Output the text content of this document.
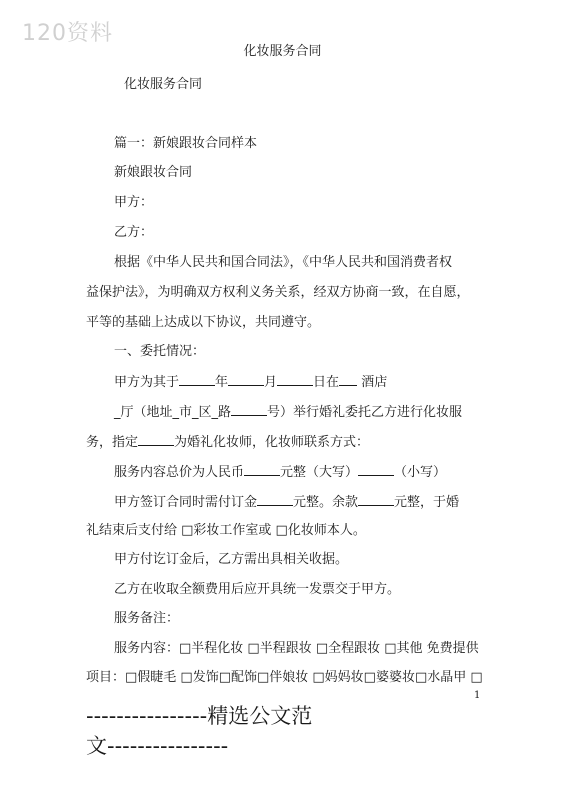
120资料
化妆服务合同
化妆服务合同
篇一：新娘跟妆合同样本
新娘跟妆合同
甲方：
乙方：
根据《中华人民共和国合同法》，《中华人民共和国消费者权
益保护法》，为明确双方权利义务关系，经双方协商一致，在自愿，
平等的基础上达成以下协议，共同遵守。
一、委托情况：
甲方为其于	年	月	日在 酒店
_厅（地址_市_区_路	号）举行婚礼委托乙方进行化妆服
务，指定	为婚礼化妆师，化妆师联系方式：
服务内容总价为人民币	元整（大写）	（小写）
甲方签订合同时需付订金	元整。余款	元整，于婚
礼结束后支付给 □彩妆工作室或 □化妆师本人。
甲方付讫订金后，乙方需出具相关收据。
乙方在收取全额费用后应开具统一发票交于甲方。
服务备注：
服务内容：□半程化妆 □半程跟妆 □全程跟妆 □其他 免费提供
项目：□假睫毛 □发饰□配饰□伴娘妆 □妈妈妆□婆婆妆□水晶甲 □
1
----------------精选公文范
文----------------
